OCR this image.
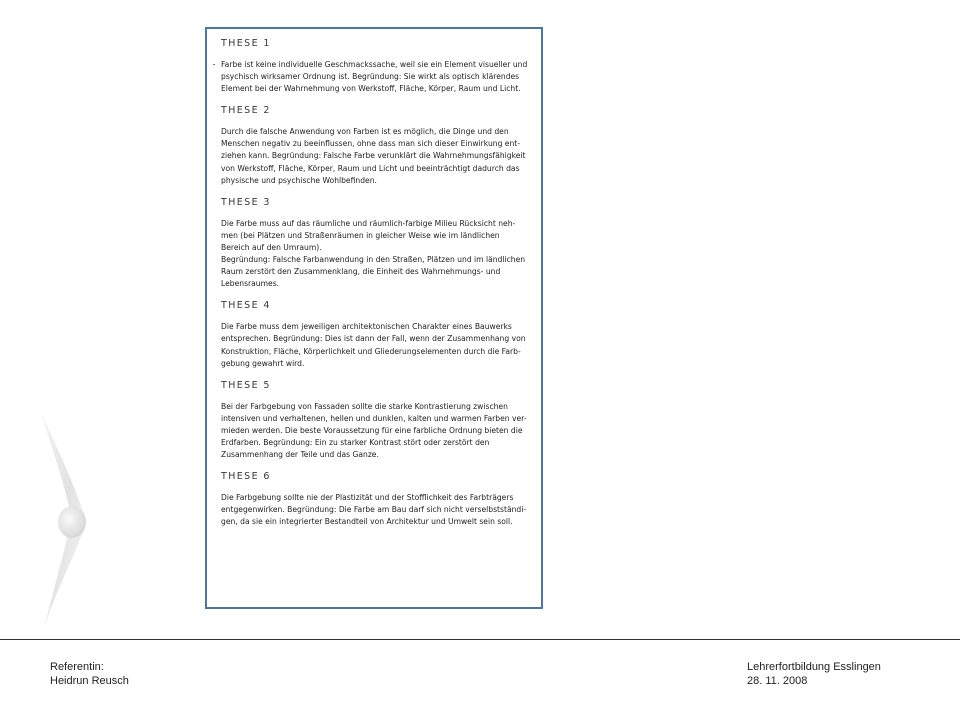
THESE 1

Farbe ist keine individuelle Geschmackssache, weil sie ein Element visueller und
psychisch wirksamer Ordnung ist. Begründung: Sie wirkt als optisch klärendes
Element bei der Wahrnehmung von Werkstoff, Fläche, Körper, Raum und Licht.

THESE 2

Durch die falsche Anwendung von Farben ist es möglich, die Dinge und den
Menschen negativ zu beeinflussen, ohne dass man sich dieser Einwirkung ent-
ziehen kann. Begründung: Falsche Farbe verunklärt die Wahrnehmungsfähigkeit
von Werkstoff, Fläche, Körper, Raum und Licht und beeinträchtigt dadurch das
physische und psychische Wohlbefinden.

THESE 3

Die Farbe muss auf das räumliche und räumlich-farbige Milieu Rücksicht neh-
men (bei Plätzen und Straßenräumen in gleicher Weise wie im ländlichen
Bereich auf den Umraum).
Begründung: Falsche Farbanwendung in den Straßen, Plätzen und im ländlichen
Raum zerstört den Zusammenklang, die Einheit des Wahrnehmungs- und
Lebensraumes.

THESE 4

Die Farbe muss dem jeweiligen architektonischen Charakter eines Bauwerks
entsprechen. Begründung: Dies ist dann der Fall, wenn der Zusammenhang von
Konstruktion, Fläche, Körperlichkeit und Gliederungselementen durch die Farb-
gebung gewahrt wird.

THESE 5

Bei der Farbgebung von Fassaden sollte die starke Kontrastierung zwischen
intensiven und verhaltenen, hellen und dunklen, kalten und warmen Farben ver-
mieden werden. Die beste Voraussetzung für eine farbliche Ordnung bieten die
Erdfarben. Begründung: Ein zu starker Kontrast stört oder zerstört den
Zusammenhang der Teile und das Ganze.

THESE 6

Die Farbgebung sollte nie der Plastizität und der Stofflichkeit des Farbträgers
entgegenwirken. Begründung: Die Farbe am Bau darf sich nicht verselbstständi-
gen, da sie ein integrierter Bestandteil von Architektur und Umwelt sein soll.

Referentin:
Heidrun Reusch
Lehrerfortbildung Esslingen
28. 11. 2008
